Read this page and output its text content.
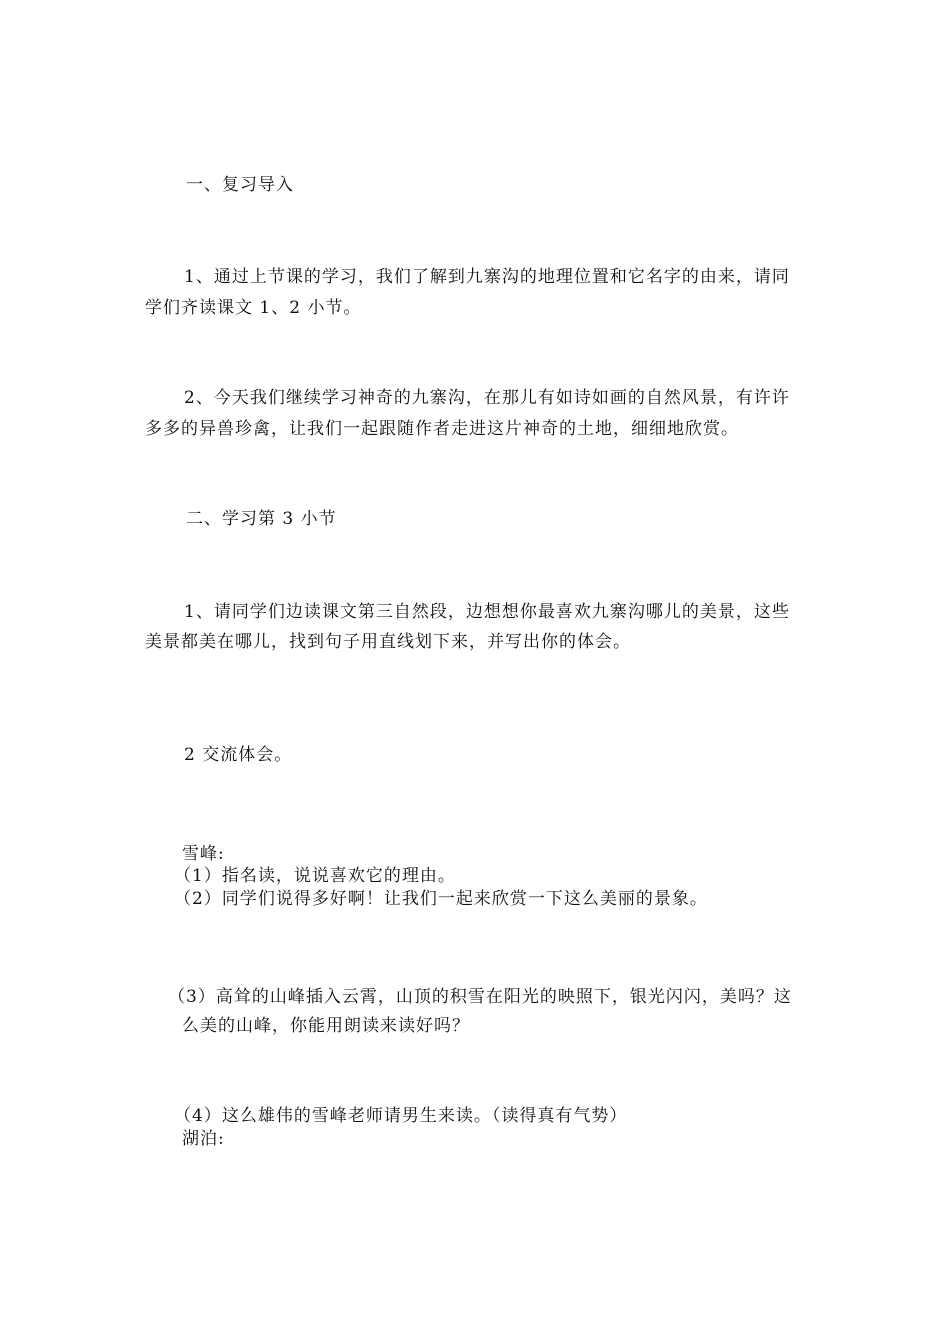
一、复习导入
1、通过上节课的学习，我们了解到九寨沟的地理位置和它名字的由来，请同
学们齐读课文 1、2 小节。
2、今天我们继续学习神奇的九寨沟，在那儿有如诗如画的自然风景，有许许
多多的异兽珍禽，让我们一起跟随作者走进这片神奇的土地，细细地欣赏。
二、学习第 3 小节
1、请同学们边读课文第三自然段，边想想你最喜欢九寨沟哪儿的美景，这些
美景都美在哪儿，找到句子用直线划下来，并写出你的体会。
2 交流体会。
雪峰:
（1）指名读，说说喜欢它的理由。
（2）同学们说得多好啊！让我们一起来欣赏一下这么美丽的景象。
（3）高耸的山峰插入云霄，山顶的积雪在阳光的映照下，银光闪闪，美吗？这
么美的山峰，你能用朗读来读好吗？
（4）这么雄伟的雪峰老师请男生来读。（读得真有气势）
湖泊:
